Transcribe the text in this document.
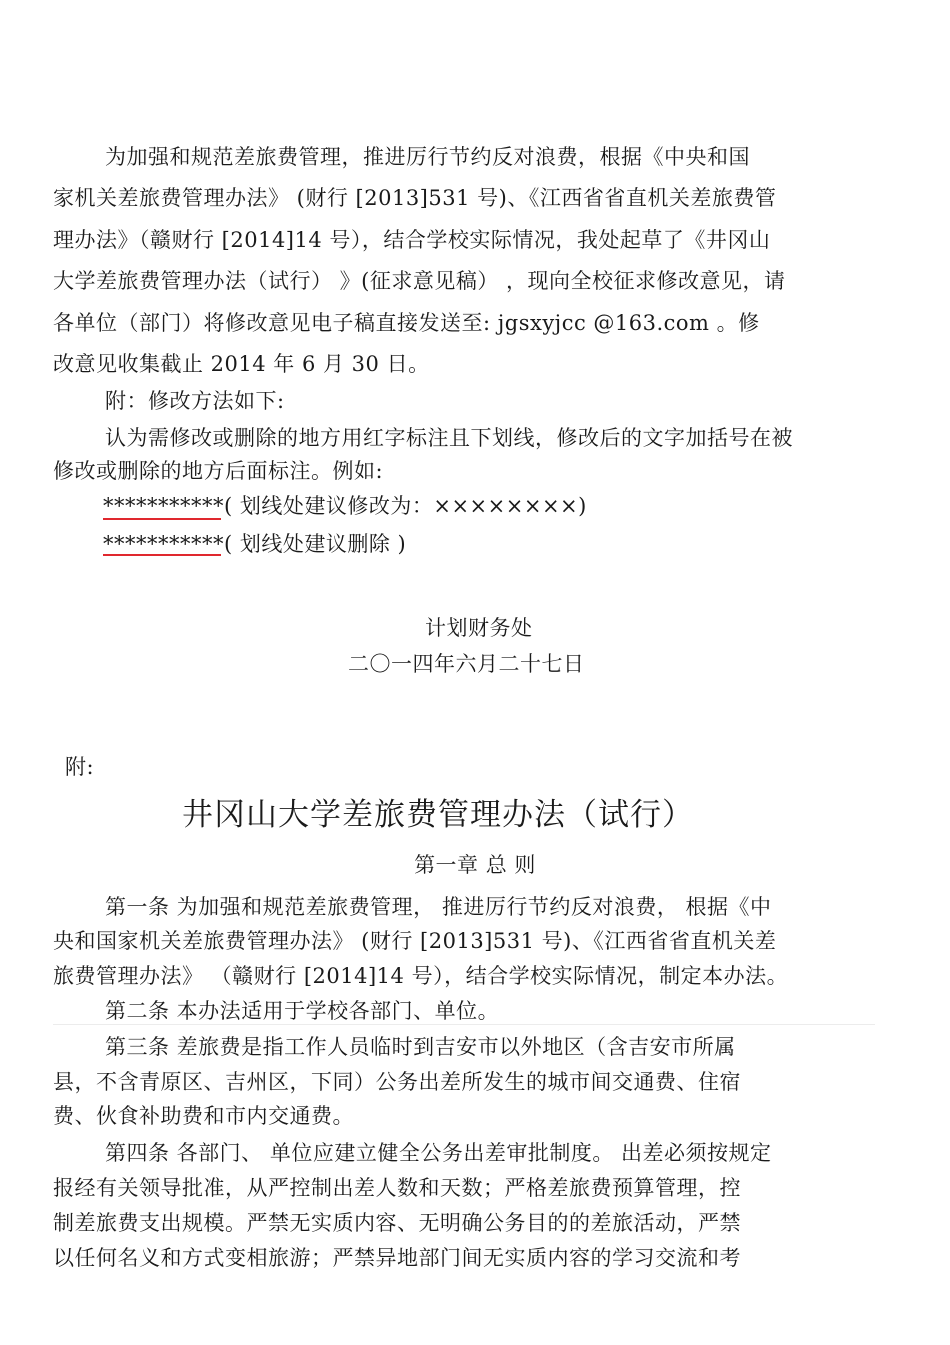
为加强和规范差旅费管理，推进厉行节约反对浪费，根据《中央和国
家机关差旅费管理办法》 (财行 [2013]531 号)、《江西省省直机关差旅费管
理办法》（赣财行 [2014]14 号），结合学校实际情况，我处起草了《井冈山
大学差旅费管理办法（试行） 》(征求意见稿） ，现向全校征求修改意见，请
各单位（部门）将修改意见电子稿直接发送至: jgsxyjcc @163.com 。修
改意见收集截止 2014 年 6 月 30 日。
附：修改方法如下:
认为需修改或删除的地方用红字标注且下划线，修改后的文字加括号在被
修改或删除的地方后面标注。例如:
***********( 划线处建议修改为：××××××××)
***********( 划线处建议删除 )
计划财务处
二〇一四年六月二十七日
附:
井冈山大学差旅费管理办法（试行）
第一章 总 则
第一条 为加强和规范差旅费管理， 推进厉行节约反对浪费， 根据《中
央和国家机关差旅费管理办法》 (财行 [2013]531 号)、《江西省省直机关差
旅费管理办法》 （赣财行 [2014]14 号），结合学校实际情况，制定本办法。
第二条 本办法适用于学校各部门、单位。
第三条 差旅费是指工作人员临时到吉安市以外地区（含吉安市所属
县，不含青原区、吉州区，下同）公务出差所发生的城市间交通费、住宿
费、伙食补助费和市内交通费。
第四条 各部门、 单位应建立健全公务出差审批制度。 出差必须按规定
报经有关领导批准，从严控制出差人数和天数；严格差旅费预算管理，控
制差旅费支出规模。严禁无实质内容、无明确公务目的的差旅活动，严禁
以任何名义和方式变相旅游；严禁异地部门间无实质内容的学习交流和考
